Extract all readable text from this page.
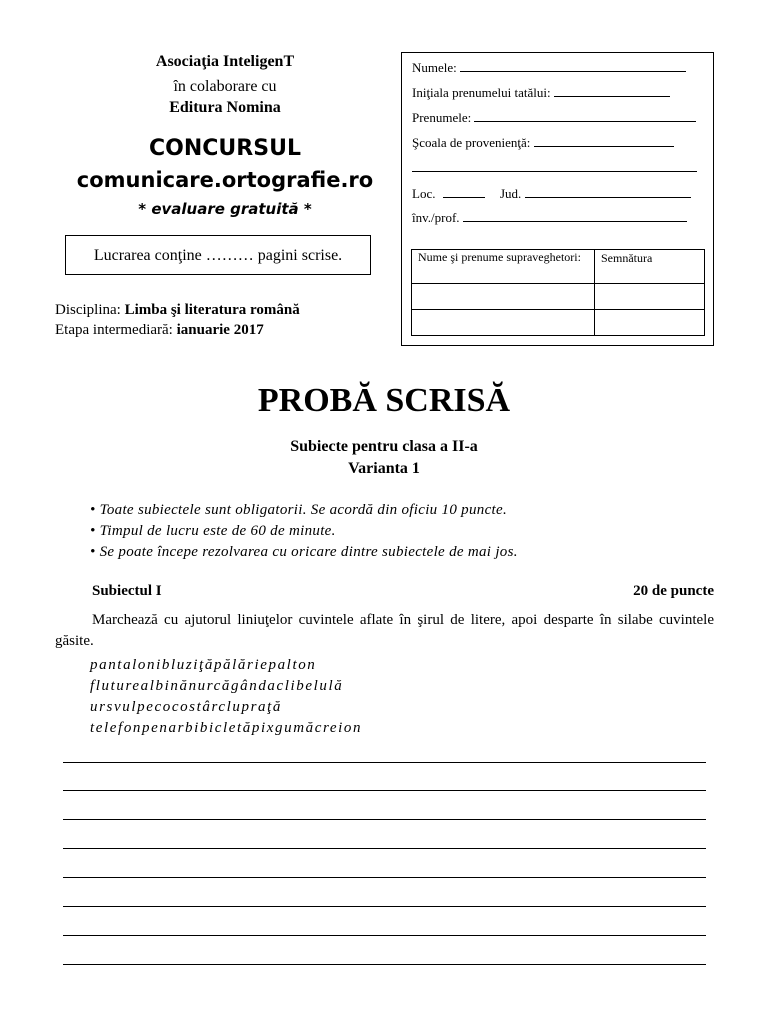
Asociaţia InteligenT
în colaborare cu
Editura Nomina
CONCURSUL
comunicare.ortografie.ro
* evaluare gratuită *
Lucrarea conţine ……… pagini scrise.
Disciplina: Limba şi literatura română
Etapa intermediară: ianuarie 2017
Numele:
Iniţiala prenumelui tatălui:
Prenumele:
Şcoala de provenienţă:
Loc.	Jud.
înv./prof.
Nume şi prenume supraveghetori:	Semnătura

PROBĂ SCRISĂ
Subiecte pentru clasa a II-a
Varianta 1
• Toate subiectele sunt obligatorii. Se acordă din oficiu 10 puncte.
• Timpul de lucru este de 60 de minute.
• Se poate începe rezolvarea cu oricare dintre subiectele de mai jos.
Subiectul I	20 de puncte
Marchează cu ajutorul liniuţelor cuvintele aflate în şirul de litere, apoi desparte în silabe cuvintele găsite.
pantalonibluziţăpălăriepalton
fluturealbinănurcăgândaclibelulă
ursvulpecocostârclupraţă
telefonpenarbibicletăpixgumăcreion
